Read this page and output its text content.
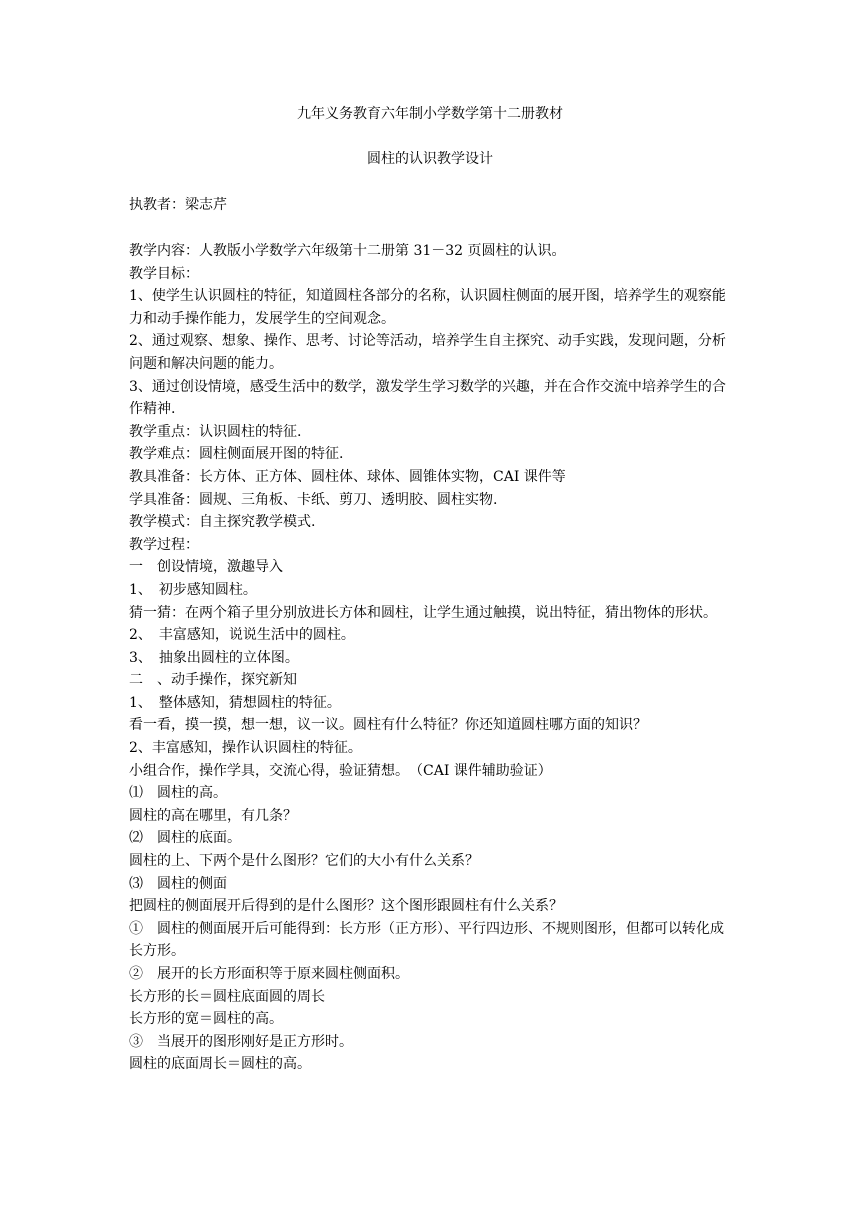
九年义务教育六年制小学数学第十二册教材
圆柱的认识教学设计
执教者：梁志芹

教学内容：人教版小学数学六年级第十二册第 31－32 页圆柱的认识。

教学目标：

1、使学生认识圆柱的特征，知道圆柱各部分的名称，认识圆柱侧面的展开图，培养学生的观察能力和动手操作能力，发展学生的空间观念。

2、通过观察、想象、操作、思考、讨论等活动，培养学生自主探究、动手实践，发现问题，分析问题和解决问题的能力。

3、通过创设情境，感受生活中的数学，激发学生学习数学的兴趣，并在合作交流中培养学生的合作精神.

教学重点：认识圆柱的特征.

教学难点：圆柱侧面展开图的特征.

教具准备：长方体、正方体、圆柱体、球体、圆锥体实物，CAI 课件等

学具准备：圆规、三角板、卡纸、剪刀、透明胶、圆柱实物.

教学模式：自主探究教学模式.

教学过程：

一　创设情境，激趣导入

1、　初步感知圆柱。

猜一猜：在两个箱子里分别放进长方体和圆柱，让学生通过触摸，说出特征，猜出物体的形状。

2、　丰富感知，说说生活中的圆柱。

3、　抽象出圆柱的立体图。

二　、动手操作，探究新知

1、　整体感知，猜想圆柱的特征。

看一看，摸一摸，想一想，议一议。圆柱有什么特征？你还知道圆柱哪方面的知识？

2、丰富感知，操作认识圆柱的特征。

小组合作，操作学具，交流心得，验证猜想。　（CAI 课件辅助验证）

⑴　圆柱的高。

圆柱的高在哪里，有几条？

⑵　圆柱的底面。

圆柱的上、下两个是什么图形？它们的大小有什么关系？

⑶　圆柱的侧面

把圆柱的侧面展开后得到的是什么图形？这个图形跟圆柱有什么关系？

①　圆柱的侧面展开后可能得到：长方形（正方形）、平行四边形、不规则图形，但都可以转化成长方形。

②　展开的长方形面积等于原来圆柱侧面积。

长方形的长＝圆柱底面圆的周长

长方形的宽＝圆柱的高。

③　当展开的图形刚好是正方形时。

圆柱的底面周长＝圆柱的高。
